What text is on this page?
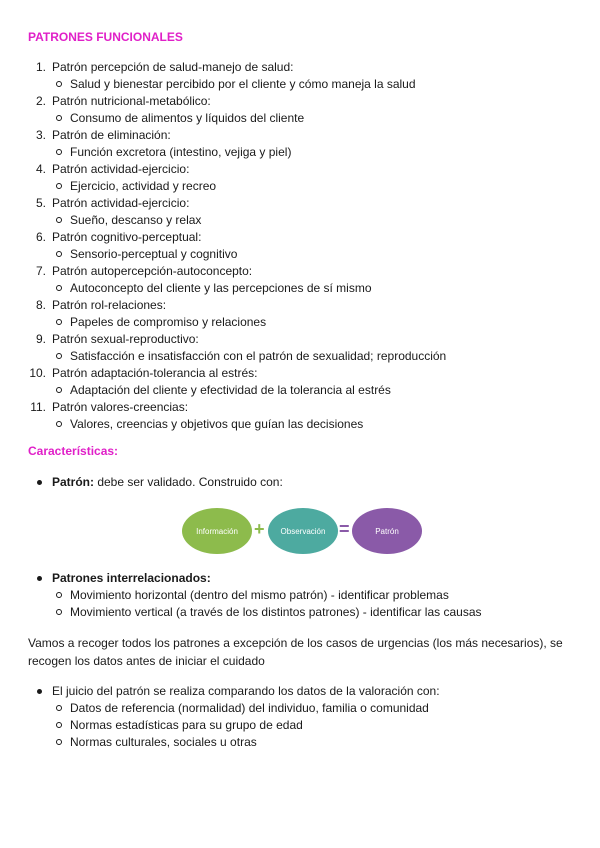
PATRONES FUNCIONALES
1. Patrón percepción de salud-manejo de salud:
Salud y bienestar percibido por el cliente y cómo maneja la salud
2. Patrón nutricional-metabólico:
Consumo de alimentos y líquidos del cliente
3. Patrón de eliminación:
Función excretora (intestino, vejiga y piel)
4. Patrón actividad-ejercicio:
Ejercicio, actividad y recreo
5. Patrón actividad-ejercicio:
Sueño, descanso y relax
6. Patrón cognitivo-perceptual:
Sensorio-perceptual y cognitivo
7. Patrón autopercepción-autoconcepto:
Autoconcepto del cliente y las percepciones de sí mismo
8. Patrón rol-relaciones:
Papeles de compromiso y relaciones
9. Patrón sexual-reproductivo:
Satisfacción e insatisfacción con el patrón de sexualidad; reproducción
10. Patrón adaptación-tolerancia al estrés:
Adaptación del cliente y efectividad de la tolerancia al estrés
11. Patrón valores-creencias:
Valores, creencias y objetivos que guían las decisiones
Características:
Patrón: debe ser validado. Construido con:
Información +	Observación =	Patrón
Patrones interrelacionados:
Movimiento horizontal (dentro del mismo patrón) - identificar problemas
Movimiento vertical (a través de los distintos patrones) - identificar las causas

Vamos a recoger todos los patrones a excepción de los casos de urgencias (los más necesarios), se recogen los datos antes de iniciar el cuidado

El juicio del patrón se realiza comparando los datos de la valoración con:
Datos de referencia (normalidad) del individuo, familia o comunidad
Normas estadísticas para su grupo de edad
Normas culturales, sociales u otras
